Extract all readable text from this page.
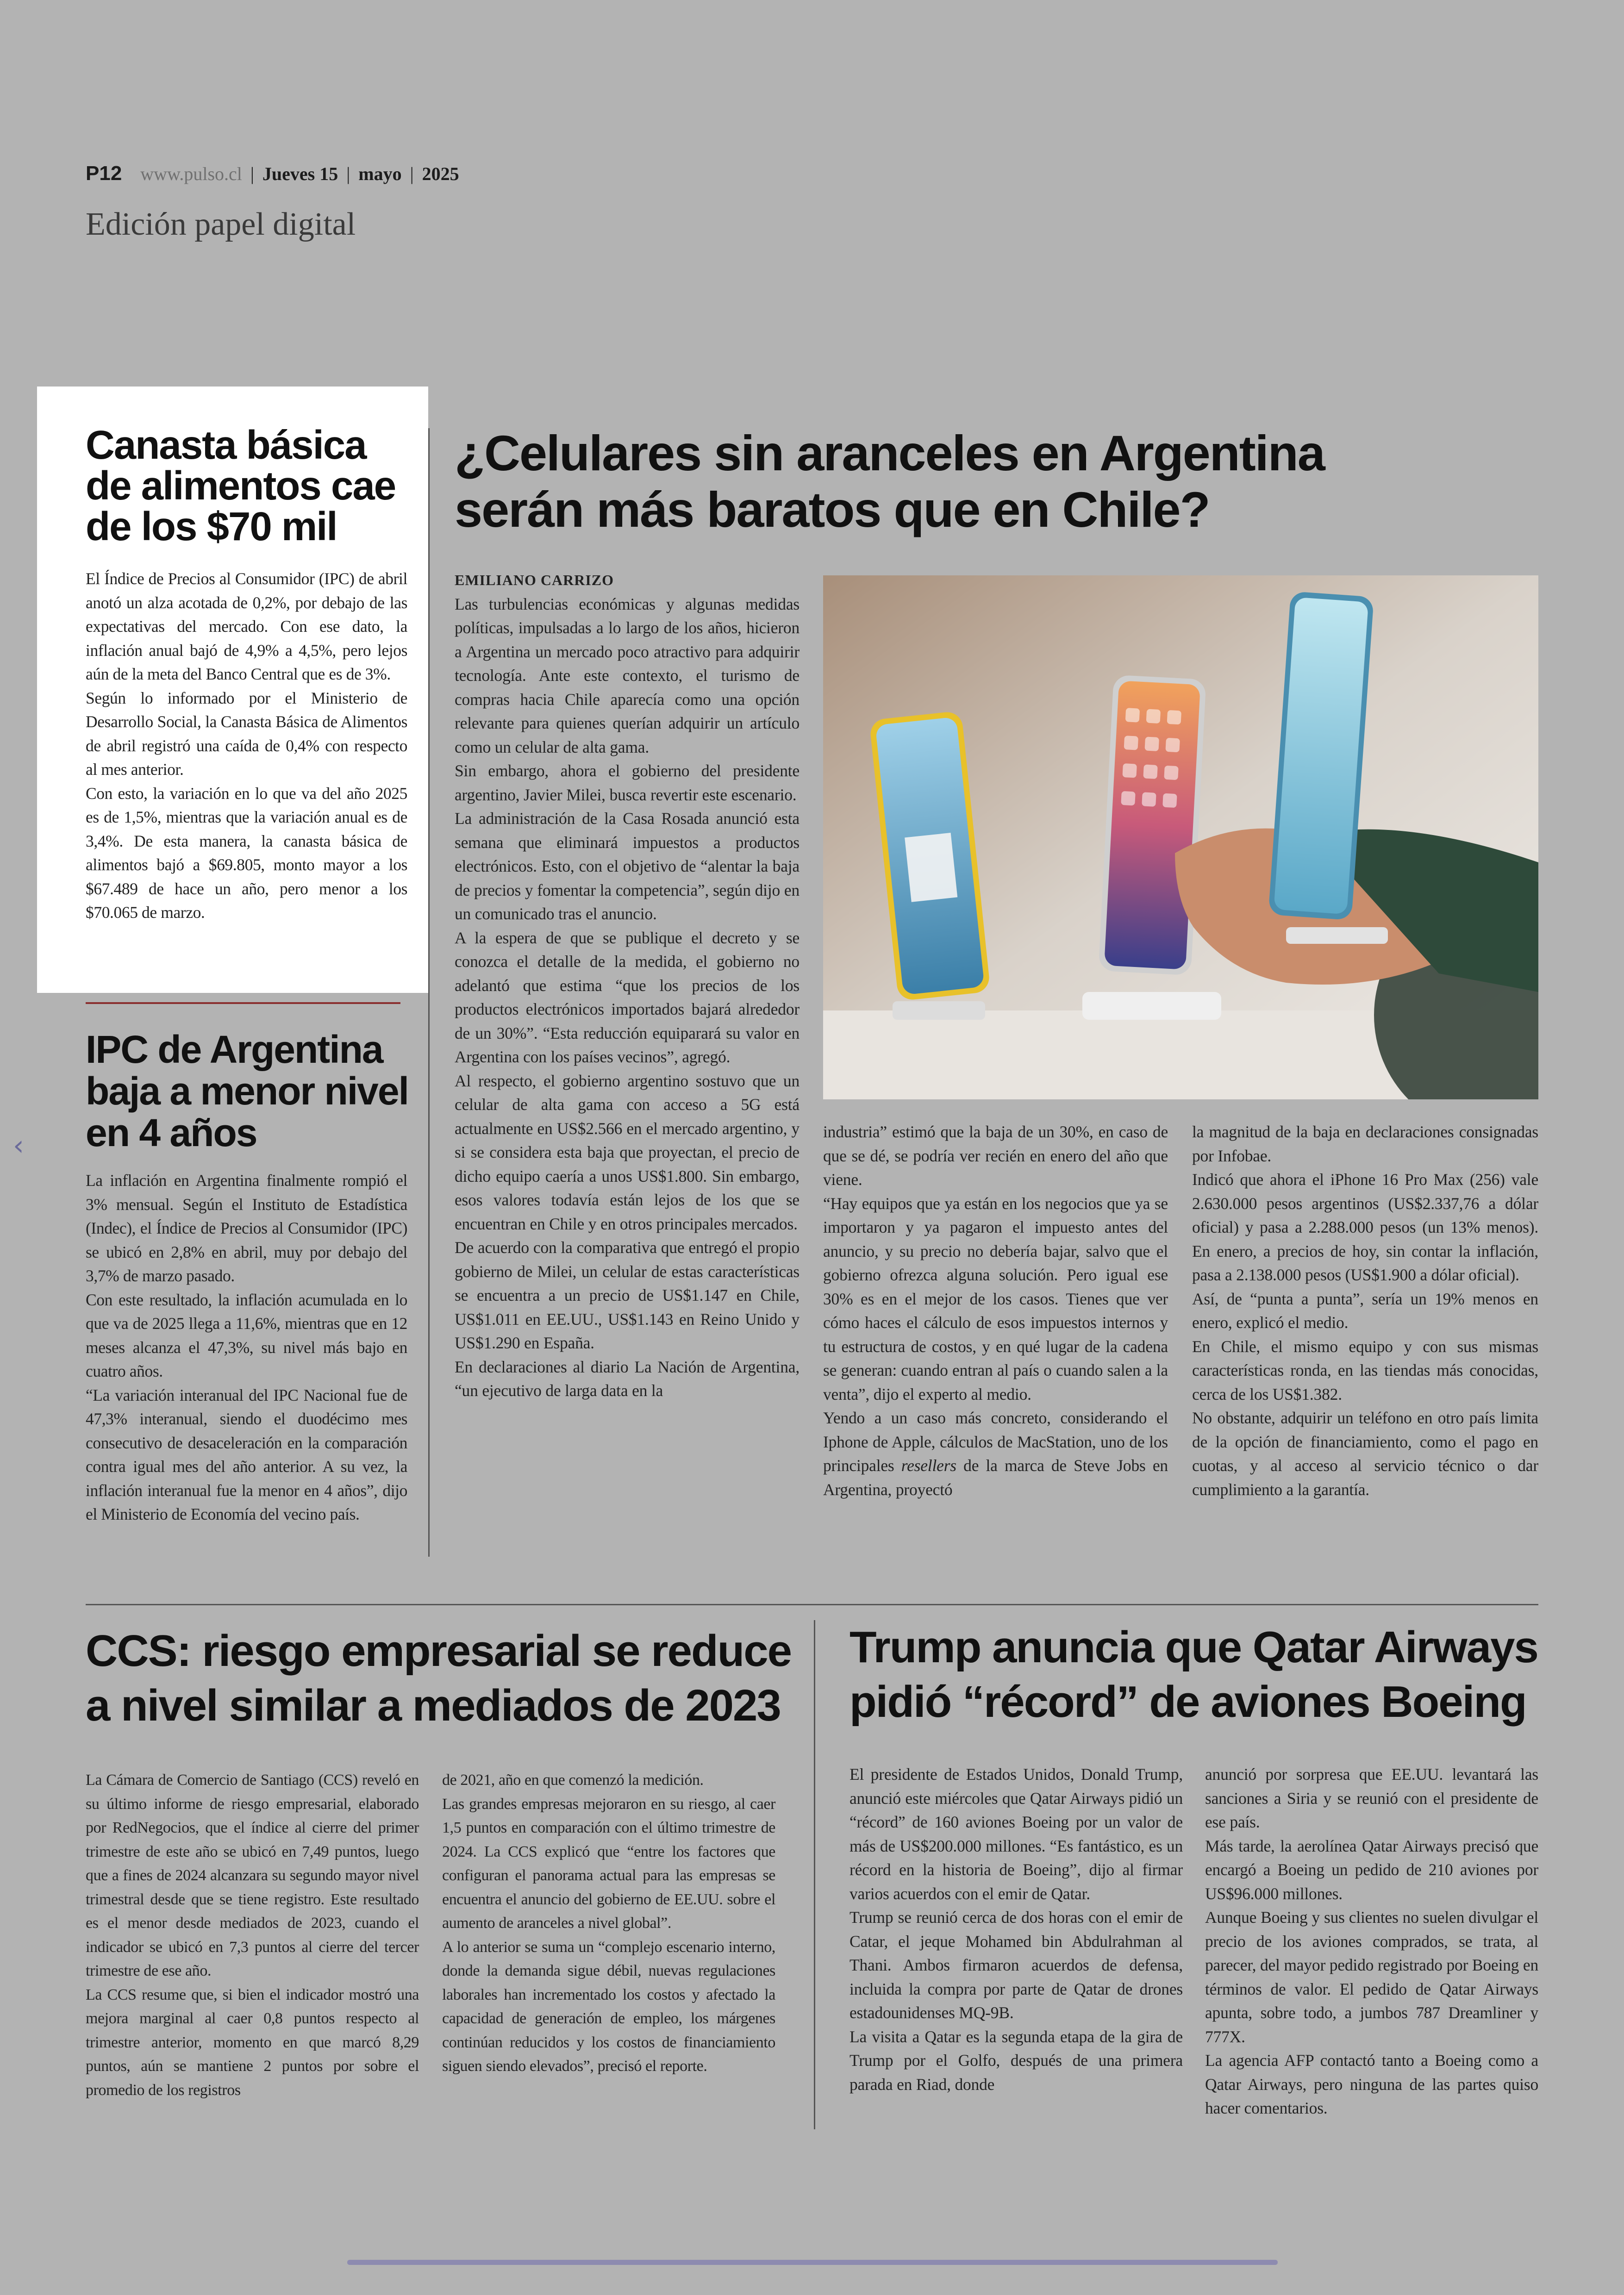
P12 www.pulso.cl | Jueves 15 | mayo | 2025
Edición papel digital
Canasta básica de alimentos cae de los $70 mil

El Índice de Precios al Consumidor (IPC) de abril anotó un alza acotada de 0,2%, por debajo de las expectativas del mercado. Con ese dato, la inflación anual bajó de 4,9% a 4,5%, pero lejos aún de la meta del Banco Central que es de 3%.

Según lo informado por el Ministerio de Desarrollo Social, la Canasta Básica de Alimentos de abril registró una caída de 0,4% con respecto al mes anterior.

Con esto, la variación en lo que va del año 2025 es de 1,5%, mientras que la variación anual es de 3,4%. De esta manera, la canasta básica de alimentos bajó a $69.805, monto mayor a los $67.489 de hace un año, pero menor a los $70.065 de marzo.

IPC de Argentina baja a menor nivel en 4 años

La inflación en Argentina finalmente rompió el 3% mensual. Según el Instituto de Estadística (Indec), el Índice de Precios al Consumidor (IPC) se ubicó en 2,8% en abril, muy por debajo del 3,7% de marzo pasado.

Con este resultado, la inflación acumulada en lo que va de 2025 llega a 11,6%, mientras que en 12 meses alcanza el 47,3%, su nivel más bajo en cuatro años.

“La variación interanual del IPC Nacional fue de 47,3% interanual, siendo el duodécimo mes consecutivo de desaceleración en la comparación contra igual mes del año anterior. A su vez, la inflación interanual fue la menor en 4 años”, dijo el Ministerio de Economía del vecino país.

¿Celulares sin aranceles en Argentina serán más baratos que en Chile?

EMILIANO CARRIZO

Las turbulencias económicas y algunas medidas políticas, impulsadas a lo largo de los años, hicieron a Argentina un mercado poco atractivo para adquirir tecnología. Ante este contexto, el turismo de compras hacia Chile aparecía como una opción relevante para quienes querían adquirir un artículo como un celular de alta gama.

Sin embargo, ahora el gobierno del presidente argentino, Javier Milei, busca revertir este escenario.

La administración de la Casa Rosada anunció esta semana que eliminará impuestos a productos electrónicos. Esto, con el objetivo de “alentar la baja de precios y fomentar la competencia”, según dijo en un comunicado tras el anuncio.

A la espera de que se publique el decreto y se conozca el detalle de la medida, el gobierno no adelantó que estima “que los precios de los productos electrónicos importados bajará alrededor de un 30%”. “Esta reducción equiparará su valor en Argentina con los países vecinos”, agregó.

Al respecto, el gobierno argentino sostuvo que un celular de alta gama con acceso a 5G está actualmente en US$2.566 en el mercado argentino, y si se considera esta baja que proyectan, el precio de dicho equipo caería a unos US$1.800. Sin embargo, esos valores todavía están lejos de los que se encuentran en Chile y en otros principales mercados.

De acuerdo con la comparativa que entregó el propio gobierno de Milei, un celular de estas características se encuentra a un precio de US$1.147 en Chile, US$1.011 en EE.UU., US$1.143 en Reino Unido y US$1.290 en España.

En declaraciones al diario La Nación de Argentina, “un ejecutivo de larga data en la

industria” estimó que la baja de un 30%, en caso de que se dé, se podría ver recién en enero del año que viene.

“Hay equipos que ya están en los negocios que ya se importaron y ya pagaron el impuesto antes del anuncio, y su precio no debería bajar, salvo que el gobierno ofrezca alguna solución. Pero igual ese 30% es en el mejor de los casos. Tienes que ver cómo haces el cálculo de esos impuestos internos y tu estructura de costos, y en qué lugar de la cadena se generan: cuando entran al país o cuando salen a la venta”, dijo el experto al medio.

Yendo a un caso más concreto, considerando el Iphone de Apple, cálculos de MacStation, uno de los principales resellers de la marca de Steve Jobs en Argentina, proyectó

la magnitud de la baja en declaraciones consignadas por Infobae.

Indicó que ahora el iPhone 16 Pro Max (256) vale 2.630.000 pesos argentinos (US$2.337,76 a dólar oficial) y pasa a 2.288.000 pesos (un 13% menos). En enero, a precios de hoy, sin contar la inflación, pasa a 2.138.000 pesos (US$1.900 a dólar oficial).

Así, de “punta a punta”, sería un 19% menos en enero, explicó el medio.

En Chile, el mismo equipo y con sus mismas características ronda, en las tiendas más conocidas, cerca de los US$1.382.

No obstante, adquirir un teléfono en otro país limita de la opción de financiamiento, como el pago en cuotas, y al acceso al servicio técnico o dar cumplimiento a la garantía.

CCS: riesgo empresarial se reduce a nivel similar a mediados de 2023

La Cámara de Comercio de Santiago (CCS) reveló en su último informe de riesgo empresarial, elaborado por RedNegocios, que el índice al cierre del primer trimestre de este año se ubicó en 7,49 puntos, luego que a fines de 2024 alcanzara su segundo mayor nivel trimestral desde que se tiene registro. Este resultado es el menor desde mediados de 2023, cuando el indicador se ubicó en 7,3 puntos al cierre del tercer trimestre de ese año.

La CCS resume que, si bien el indicador mostró una mejora marginal al caer 0,8 puntos respecto al trimestre anterior, momento en que marcó 8,29 puntos, aún se mantiene 2 puntos por sobre el promedio de los registros

de 2021, año en que comenzó la medición.

Las grandes empresas mejoraron en su riesgo, al caer 1,5 puntos en comparación con el último trimestre de 2024. La CCS explicó que “entre los factores que configuran el panorama actual para las empresas se encuentra el anuncio del gobierno de EE.UU. sobre el aumento de aranceles a nivel global”.

A lo anterior se suma un “complejo escenario interno, donde la demanda sigue débil, nuevas regulaciones laborales han incrementado los costos y afectado la capacidad de generación de empleo, los márgenes continúan reducidos y los costos de financiamiento siguen siendo elevados”, precisó el reporte.

Trump anuncia que Qatar Airways pidió “récord” de aviones Boeing

El presidente de Estados Unidos, Donald Trump, anunció este miércoles que Qatar Airways pidió un “récord” de 160 aviones Boeing por un valor de más de US$200.000 millones. “Es fantástico, es un récord en la historia de Boeing”, dijo al firmar varios acuerdos con el emir de Qatar.

Trump se reunió cerca de dos horas con el emir de Catar, el jeque Mohamed bin Abdulrahman al Thani. Ambos firmaron acuerdos de defensa, incluida la compra por parte de Qatar de drones estadounidenses MQ-9B.

La visita a Qatar es la segunda etapa de la gira de Trump por el Golfo, después de una primera parada en Riad, donde

anunció por sorpresa que EE.UU. levantará las sanciones a Siria y se reunió con el presidente de ese país.

Más tarde, la aerolínea Qatar Airways precisó que encargó a Boeing un pedido de 210 aviones por US$96.000 millones.

Aunque Boeing y sus clientes no suelen divulgar el precio de los aviones comprados, se trata, al parecer, del mayor pedido registrado por Boeing en términos de valor. El pedido de Qatar Airways apunta, sobre todo, a jumbos 787 Dreamliner y 777X.

La agencia AFP contactó tanto a Boeing como a Qatar Airways, pero ninguna de las partes quiso hacer comentarios.

‹
